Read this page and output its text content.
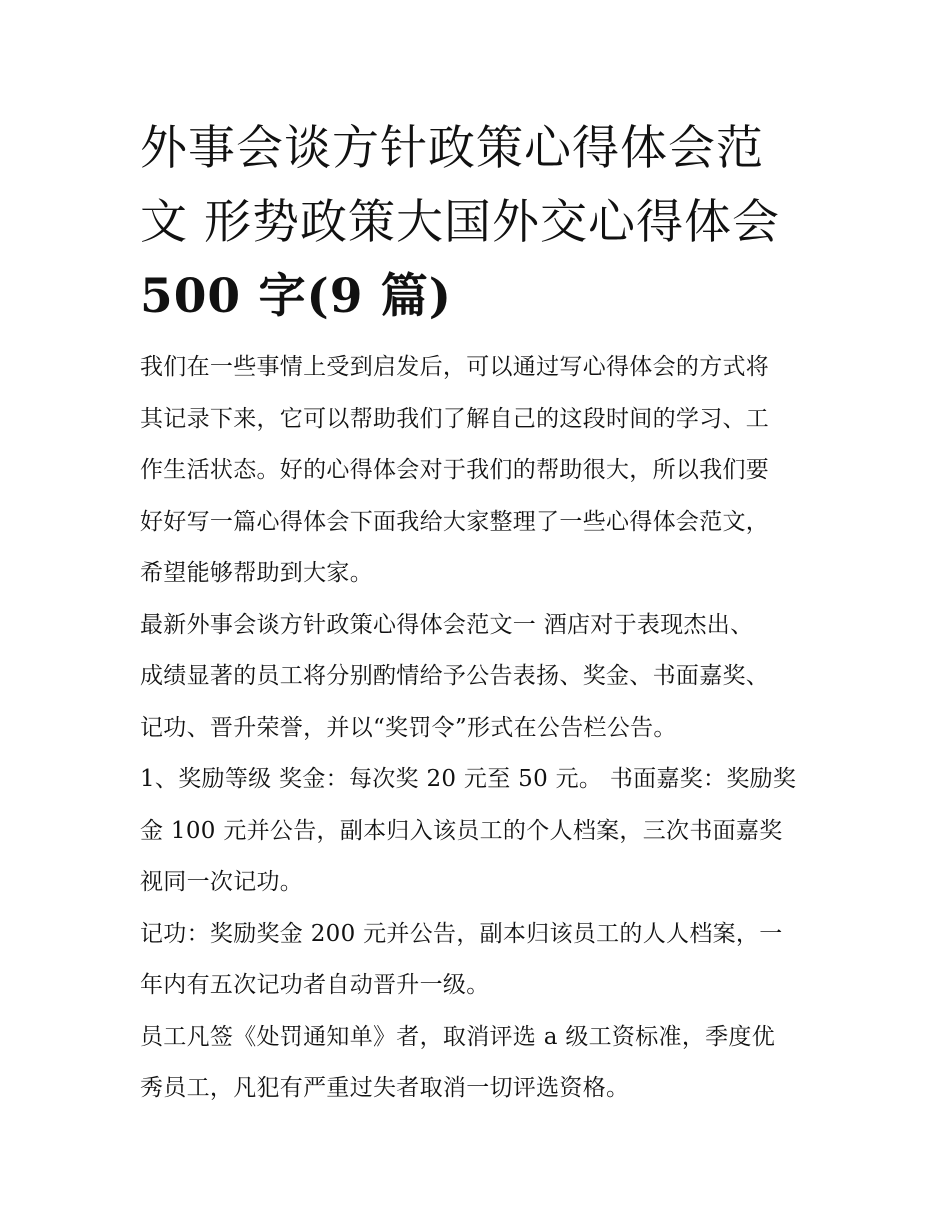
外事会谈方针政策心得体会范
文 形势政策大国外交心得体会
500 字(9 篇)

我们在一些事情上受到启发后，可以通过写心得体会的方式将
其记录下来，它可以帮助我们了解自己的这段时间的学习、工
作生活状态。好的心得体会对于我们的帮助很大，所以我们要
好好写一篇心得体会下面我给大家整理了一些心得体会范文，
希望能够帮助到大家。

最新外事会谈方针政策心得体会范文一 酒店对于表现杰出、
成绩显著的员工将分别酌情给予公告表扬、奖金、书面嘉奖、
记功、晋升荣誉，并以“奖罚令”形式在公告栏公告。

1、奖励等级 奖金：每次奖 20 元至 50 元。 书面嘉奖：奖励奖
金 100 元并公告，副本归入该员工的个人档案，三次书面嘉奖
视同一次记功。

记功：奖励奖金 200 元并公告，副本归该员工的人人档案，一
年内有五次记功者自动晋升一级。

员工凡签《处罚通知单》者，取消评选 a 级工资标准，季度优
秀员工，凡犯有严重过失者取消一切评选资格。
